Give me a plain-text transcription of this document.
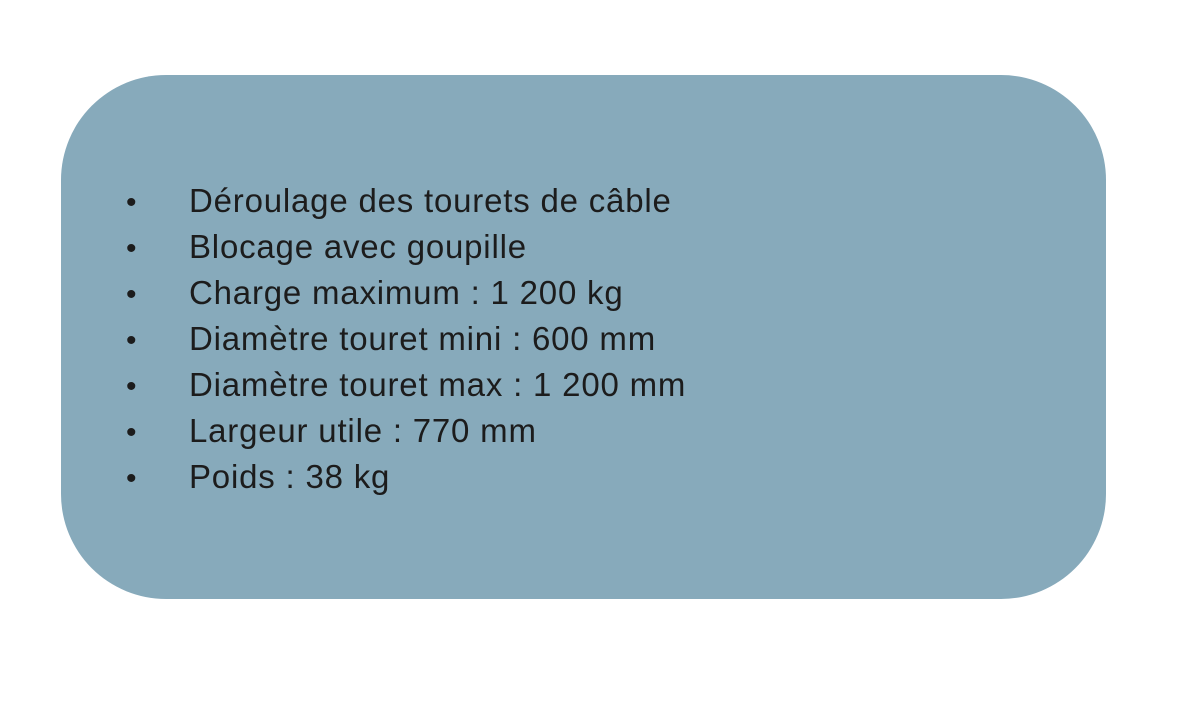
•	Déroulage des tourets de câble
•	Blocage avec goupille
•	Charge maximum : 1 200 kg
•	Diamètre touret mini : 600 mm
•	Diamètre touret max : 1 200 mm
•	Largeur utile : 770 mm
•	Poids : 38 kg
